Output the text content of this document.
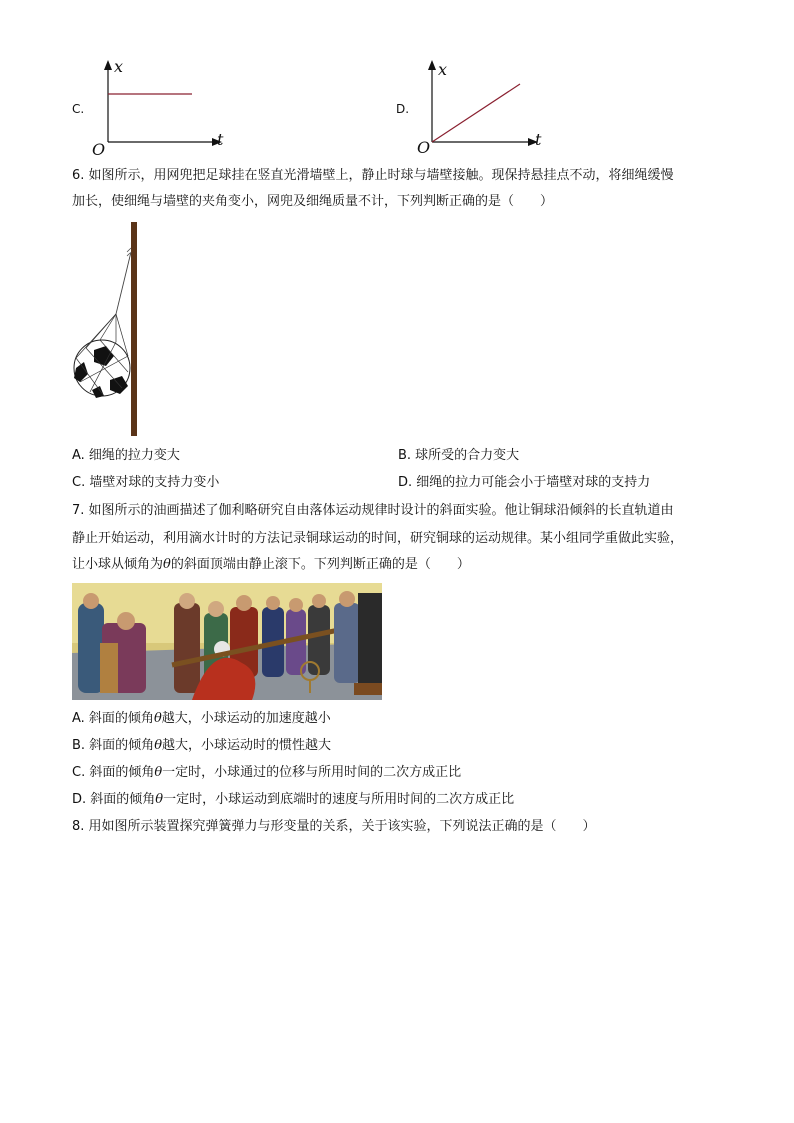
C.
x
t
O
D.
x
t
O
6. 如图所示，用网兜把足球挂在竖直光滑墙壁上，静止时球与墙壁接触。现保持悬挂点不动，将细绳缓慢
加长，使细绳与墙壁的夹角变小，网兜及细绳质量不计，下列判断正确的是（　　）
A. 细绳的拉力变大	B. 球所受的合力变大
C. 墙壁对球的支持力变小	D. 细绳的拉力可能会小于墙壁对球的支持力
7. 如图所示的油画描述了伽利略研究自由落体运动规律时设计的斜面实验。他让铜球沿倾斜的长直轨道由
静止开始运动，利用滴水计时的方法记录铜球运动的时间，研究铜球的运动规律。某小组同学重做此实验，
让小球从倾角为θ的斜面顶端由静止滚下。下列判断正确的是（　　）
A. 斜面的倾角θ越大，小球运动的加速度越小
B. 斜面的倾角θ越大，小球运动时的惯性越大
C. 斜面的倾角θ一定时，小球通过的位移与所用时间的二次方成正比
D. 斜面的倾角θ一定时，小球运动到底端时的速度与所用时间的二次方成正比
8. 用如图所示装置探究弹簧弹力与形变量的关系，关于该实验，下列说法正确的是（　　）
